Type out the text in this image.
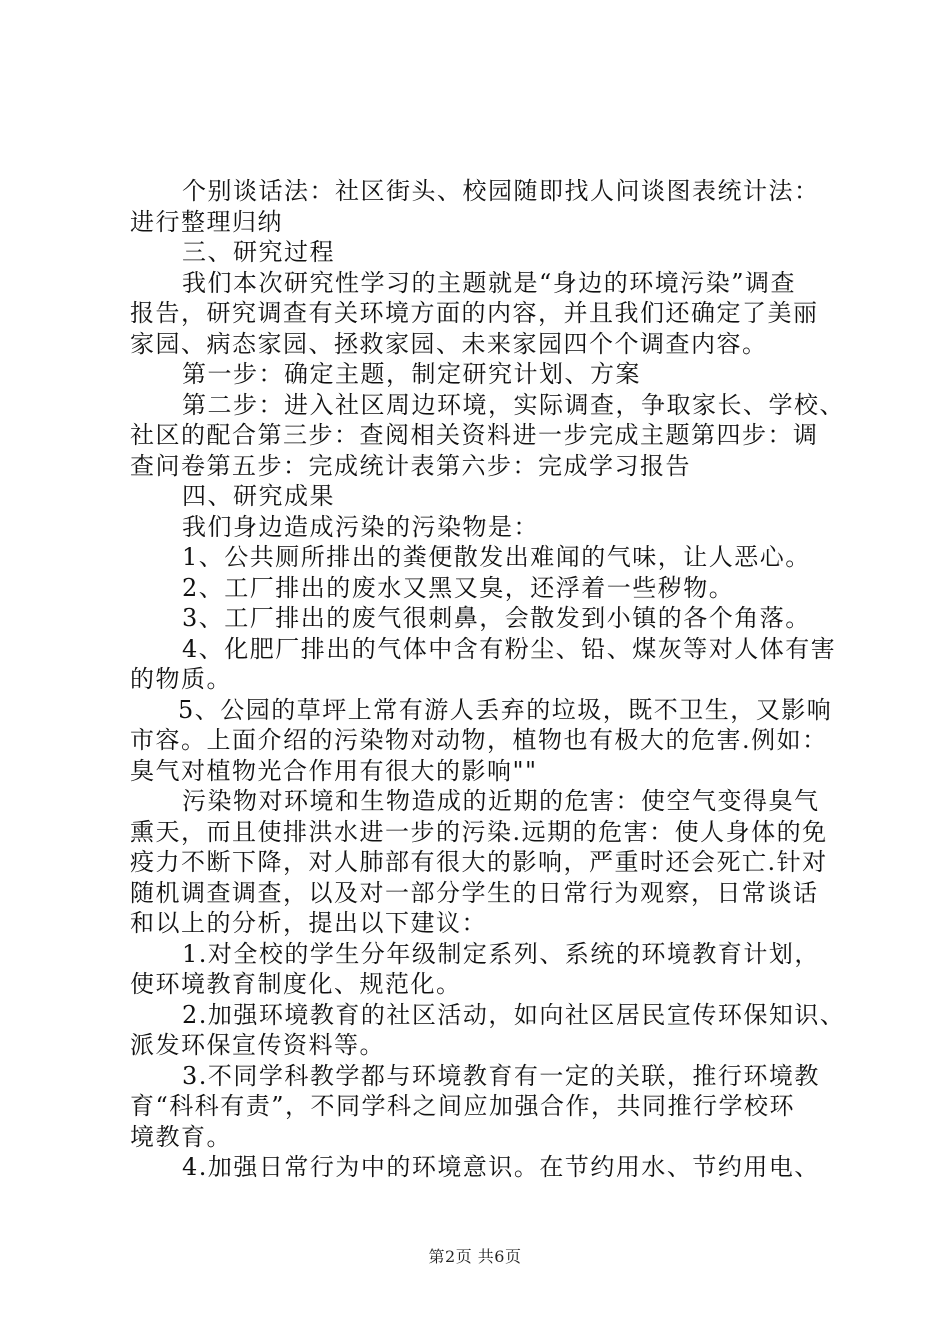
个别谈话法：社区街头、校园随即找人问谈图表统计法：
进行整理归纳
三、研究过程
我们本次研究性学习的主题就是“身边的环境污染”调查
报告，研究调查有关环境方面的内容，并且我们还确定了美丽
家园、病态家园、拯救家园、未来家园四个个调查内容。
第一步：确定主题，制定研究计划、方案
第二步：进入社区周边环境，实际调查，争取家长、学校、
社区的配合第三步：查阅相关资料进一步完成主题第四步：调
查问卷第五步：完成统计表第六步：完成学习报告
四、研究成果
我们身边造成污染的污染物是：
1、公共厕所排出的粪便散发出难闻的气味，让人恶心。
2、工厂排出的废水又黑又臭，还浮着一些秽物。
3、工厂排出的废气很刺鼻，会散发到小镇的各个角落。
4、化肥厂排出的气体中含有粉尘、铅、煤灰等对人体有害
的物质。
5、公园的草坪上常有游人丢弃的垃圾，既不卫生，又影响
市容。上面介绍的污染物对动物，植物也有极大的危害.例如：
臭气对植物光合作用有很大的影响""
污染物对环境和生物造成的近期的危害：使空气变得臭气
熏天，而且使排洪水进一步的污染.远期的危害：使人身体的免
疫力不断下降，对人肺部有很大的影响，严重时还会死亡.针对
随机调查调查，以及对一部分学生的日常行为观察，日常谈话
和以上的分析，提出以下建议：
1.对全校的学生分年级制定系列、系统的环境教育计划，
使环境教育制度化、规范化。
2.加强环境教育的社区活动，如向社区居民宣传环保知识、
派发环保宣传资料等。
3.不同学科教学都与环境教育有一定的关联，推行环境教
育“科科有责”，不同学科之间应加强合作，共同推行学校环
境教育。
4.加强日常行为中的环境意识。在节约用水、节约用电、
第2页 共6页
